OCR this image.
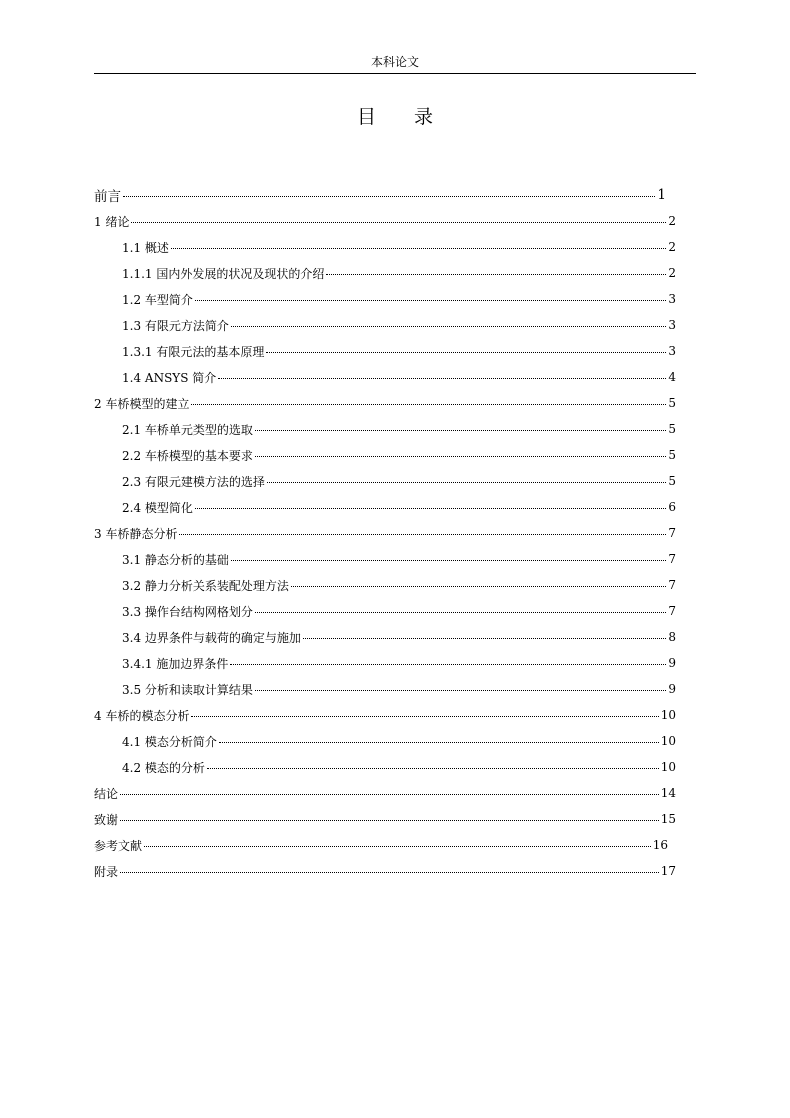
本科论文
目 录
前言	1
1 绪论	2
1.1 概述	2
1.1.1 国内外发展的状况及现状的介绍	2
1.2 车型简介	3
1.3 有限元方法简介	3
1.3.1 有限元法的基本原理	3
1.4 ANSYS 简介	4
2 车桥模型的建立	5
2.1 车桥单元类型的选取	5
2.2 车桥模型的基本要求	5
2.3 有限元建模方法的选择	5
2.4 模型简化	6
3 车桥静态分析	7
3.1 静态分析的基础	7
3.2 静力分析关系装配处理方法	7
3.3 操作台结构网格划分	7
3.4 边界条件与载荷的确定与施加	8
3.4.1 施加边界条件	9
3.5 分析和读取计算结果	9
4 车桥的模态分析	10
4.1 模态分析简介	10
4.2 模态的分析	10
结论	14
致谢	15
参考文献	16
附录	17
